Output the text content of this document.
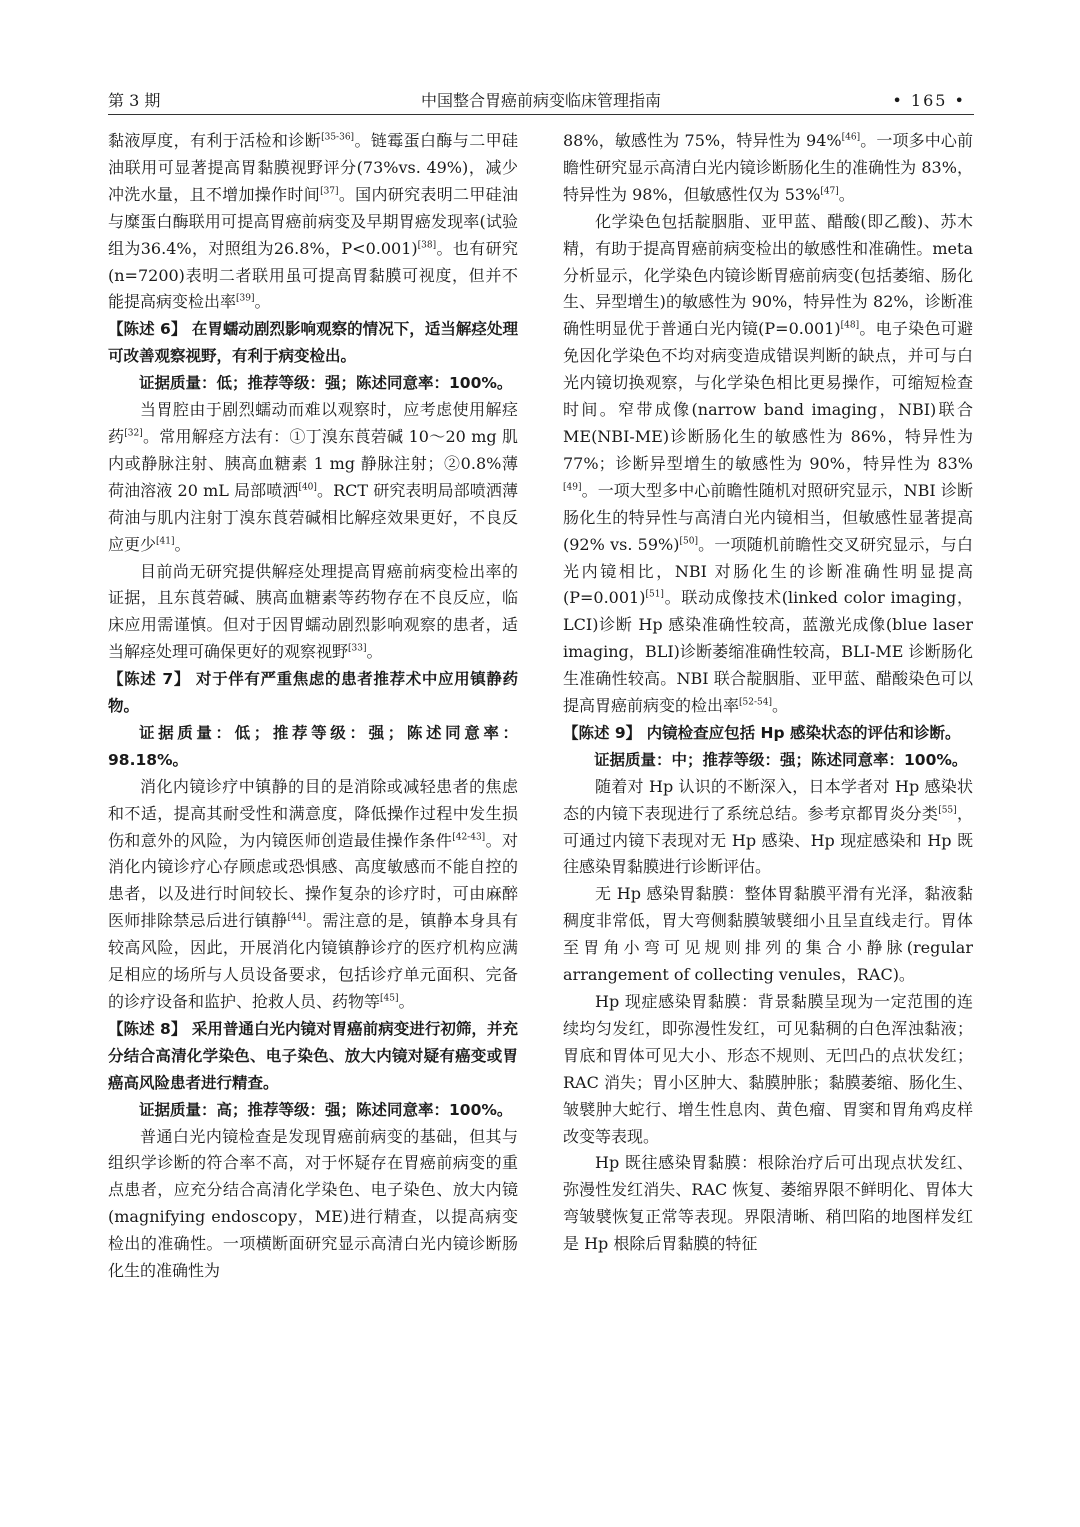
第 3 期	中国整合胃癌前病变临床管理指南	• 165 •

黏液厚度，有利于活检和诊断[35-36]。链霉蛋白酶与二甲硅油联用可显著提高胃黏膜视野评分(73%vs. 49%)，减少冲洗水量，且不增加操作时间[37]。国内研究表明二甲硅油与糜蛋白酶联用可提高胃癌前病变及早期胃癌发现率(试验组为36.4%，对照组为26.8%，P<0.001)[38]。也有研究(n=7200)表明二者联用虽可提高胃黏膜可视度，但并不能提高病变检出率[39]。

【陈述 6】 在胃蠕动剧烈影响观察的情况下，适当解痉处理可改善观察视野，有利于病变检出。

证据质量：低；推荐等级：强；陈述同意率：100%。

当胃腔由于剧烈蠕动而难以观察时，应考虑使用解痉药[32]。常用解痉方法有：①丁溴东莨菪碱 10～20 mg 肌内或静脉注射、胰高血糖素 1 mg 静脉注射；②0.8%薄荷油溶液 20 mL 局部喷洒[40]。RCT 研究表明局部喷洒薄荷油与肌内注射丁溴东莨菪碱相比解痉效果更好，不良反应更少[41]。

目前尚无研究提供解痉处理提高胃癌前病变检出率的证据，且东莨菪碱、胰高血糖素等药物存在不良反应，临床应用需谨慎。但对于因胃蠕动剧烈影响观察的患者，适当解痉处理可确保更好的观察视野[33]。

【陈述 7】 对于伴有严重焦虑的患者推荐术中应用镇静药物。

证据质量：低；推荐等级：强；陈述同意率：98.18%。

消化内镜诊疗中镇静的目的是消除或减轻患者的焦虑和不适，提高其耐受性和满意度，降低操作过程中发生损伤和意外的风险，为内镜医师创造最佳操作条件[42-43]。对消化内镜诊疗心存顾虑或恐惧感、高度敏感而不能自控的患者，以及进行时间较长、操作复杂的诊疗时，可由麻醉医师排除禁忌后进行镇静[44]。需注意的是，镇静本身具有较高风险，因此，开展消化内镜镇静诊疗的医疗机构应满足相应的场所与人员设备要求，包括诊疗单元面积、完备的诊疗设备和监护、抢救人员、药物等[45]。

【陈述 8】 采用普通白光内镜对胃癌前病变进行初筛，并充分结合高清化学染色、电子染色、放大内镜对疑有癌变或胃癌高风险患者进行精查。

证据质量：高；推荐等级：强；陈述同意率：100%。

普通白光内镜检查是发现胃癌前病变的基础，但其与组织学诊断的符合率不高，对于怀疑存在胃癌前病变的重点患者，应充分结合高清化学染色、电子染色、放大内镜(magnifying endoscopy，ME)进行精查，以提高病变检出的准确性。一项横断面研究显示高清白光内镜诊断肠化生的准确性为

88%，敏感性为 75%，特异性为 94%[46]。一项多中心前瞻性研究显示高清白光内镜诊断肠化生的准确性为 83%，特异性为 98%，但敏感性仅为 53%[47]。

化学染色包括靛胭脂、亚甲蓝、醋酸(即乙酸)、苏木精，有助于提高胃癌前病变检出的敏感性和准确性。meta 分析显示，化学染色内镜诊断胃癌前病变(包括萎缩、肠化生、异型增生)的敏感性为 90%，特异性为 82%，诊断准确性明显优于普通白光内镜(P=0.001)[48]。电子染色可避免因化学染色不均对病变造成错误判断的缺点，并可与白光内镜切换观察，与化学染色相比更易操作，可缩短检查时间。窄带成像(narrow band imaging，NBI)联合 ME(NBI-ME)诊断肠化生的敏感性为 86%，特异性为 77%；诊断异型增生的敏感性为 90%，特异性为 83%[49]。一项大型多中心前瞻性随机对照研究显示，NBI 诊断肠化生的特异性与高清白光内镜相当，但敏感性显著提高(92% vs. 59%)[50]。一项随机前瞻性交叉研究显示，与白光内镜相比，NBI 对肠化生的诊断准确性明显提高(P=0.001)[51]。联动成像技术(linked color imaging，LCI)诊断 Hp 感染准确性较高，蓝激光成像(blue laser imaging，BLI)诊断萎缩准确性较高，BLI-ME 诊断肠化生准确性较高。NBI 联合靛胭脂、亚甲蓝、醋酸染色可以提高胃癌前病变的检出率[52-54]。

【陈述 9】 内镜检查应包括 Hp 感染状态的评估和诊断。

证据质量：中；推荐等级：强；陈述同意率：100%。

随着对 Hp 认识的不断深入，日本学者对 Hp 感染状态的内镜下表现进行了系统总结。参考京都胃炎分类[55]，可通过内镜下表现对无 Hp 感染、Hp 现症感染和 Hp 既往感染胃黏膜进行诊断评估。

无 Hp 感染胃黏膜：整体胃黏膜平滑有光泽，黏液黏稠度非常低，胃大弯侧黏膜皱襞细小且呈直线走行。胃体至胃角小弯可见规则排列的集合小静脉(regular arrangement of collecting venules，RAC)。

Hp 现症感染胃黏膜：背景黏膜呈现为一定范围的连续均匀发红，即弥漫性发红，可见黏稠的白色浑浊黏液；胃底和胃体可见大小、形态不规则、无凹凸的点状发红；RAC 消失；胃小区肿大、黏膜肿胀；黏膜萎缩、肠化生、皱襞肿大蛇行、增生性息肉、黄色瘤、胃窦和胃角鸡皮样改变等表现。

Hp 既往感染胃黏膜：根除治疗后可出现点状发红、弥漫性发红消失、RAC 恢复、萎缩界限不鲜明化、胃体大弯皱襞恢复正常等表现。界限清晰、稍凹陷的地图样发红是 Hp 根除后胃黏膜的特征
